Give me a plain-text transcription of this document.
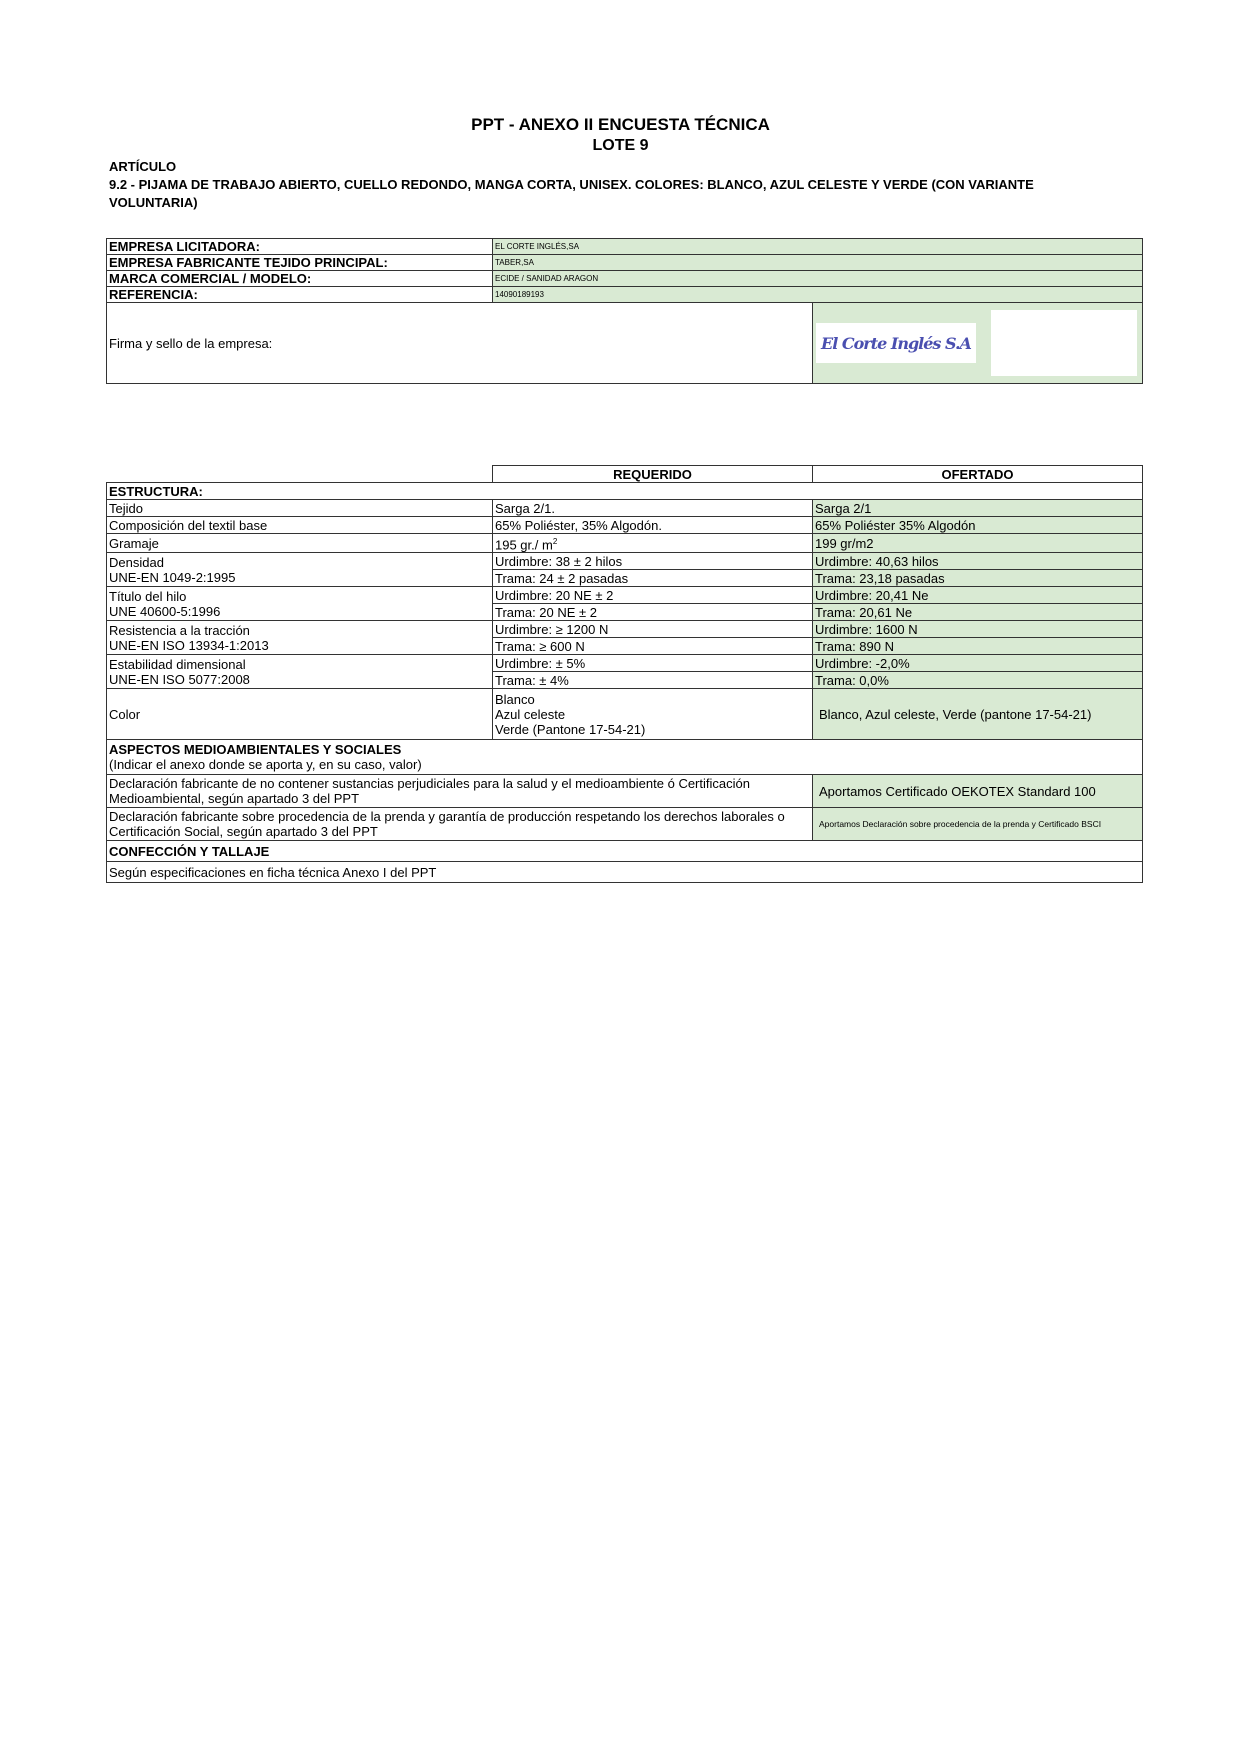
PPT - ANEXO II ENCUESTA TÉCNICA
LOTE 9
ARTÍCULO
9.2 - PIJAMA DE TRABAJO ABIERTO, CUELLO REDONDO, MANGA CORTA, UNISEX. COLORES: BLANCO, AZUL CELESTE Y VERDE (CON VARIANTE VOLUNTARIA)
EMPRESA LICITADORA:	EL CORTE INGLÉS,SA	
EMPRESA FABRICANTE TEJIDO PRINCIPAL:	TABER,SA	
MARCA COMERCIAL / MODELO:	ECIDE / SANIDAD ARAGON	
REFERENCIA:	14090189193	
Firma y sello de la empresa:		El Corte Inglés S.A
	REQUERIDO	OFERTADO
ESTRUCTURA:		
Tejido	Sarga 2/1.	Sarga 2/1
Composición del textil base	65% Poliéster, 35% Algodón.	65% Poliéster 35% Algodón
Gramaje	195 gr./ $m^2$	199 gr/m2

Densidad
UNE-EN 1049-2:1995	Urdimbre: 38 ± 2 hilos	Urdimbre: 40,63 hilos
	Trama: 24 ± 2 pasadas	Trama: 23,18 pasadas

Título del hilo
UNE 40600-5:1996	Urdimbre: 20 NE ± 2	Urdimbre: 20,41 Ne
	Trama: 20 NE ± 2	Trama: 20,61 Ne

Resistencia a la tracción
UNE-EN ISO 13934-1:2013	Urdimbre: ≥ 1200 N	Urdimbre: 1600 N
	Trama: ≥ 600 N	Trama: 890 N

Estabilidad dimensional
UNE-EN ISO 5077:2008	Urdimbre: ± 5%	Urdimbre: -2,0%
	Trama: ± 4%	Trama: 0,0%
Color	Blanco
Azul celeste
Verde (Pantone 17-54-21)	Blanco, Azul celeste, Verde (pantone 17-54-21)

ASPECTOS MEDIOAMBIENTALES Y SOCIALES
(Indicar el anexo donde se aporta y, en su caso, valor)		

Declaración fabricante de no contener sustancias perjudiciales para la salud y el medioambiente ó Certificación Medioambiental, según apartado 3 del PPT		Aportamos Certificado OEKOTEX Standard 100
Declaración fabricante sobre procedencia de la prenda y garantía de producción respetando los derechos laborales o Certificación Social, según apartado 3 del PPT		Aportamos Declaración sobre procedencia de la prenda y Certificado BSCI
CONFECCIÓN Y TALLAJE		
Según especificaciones en ficha técnica Anexo I del PPT		
